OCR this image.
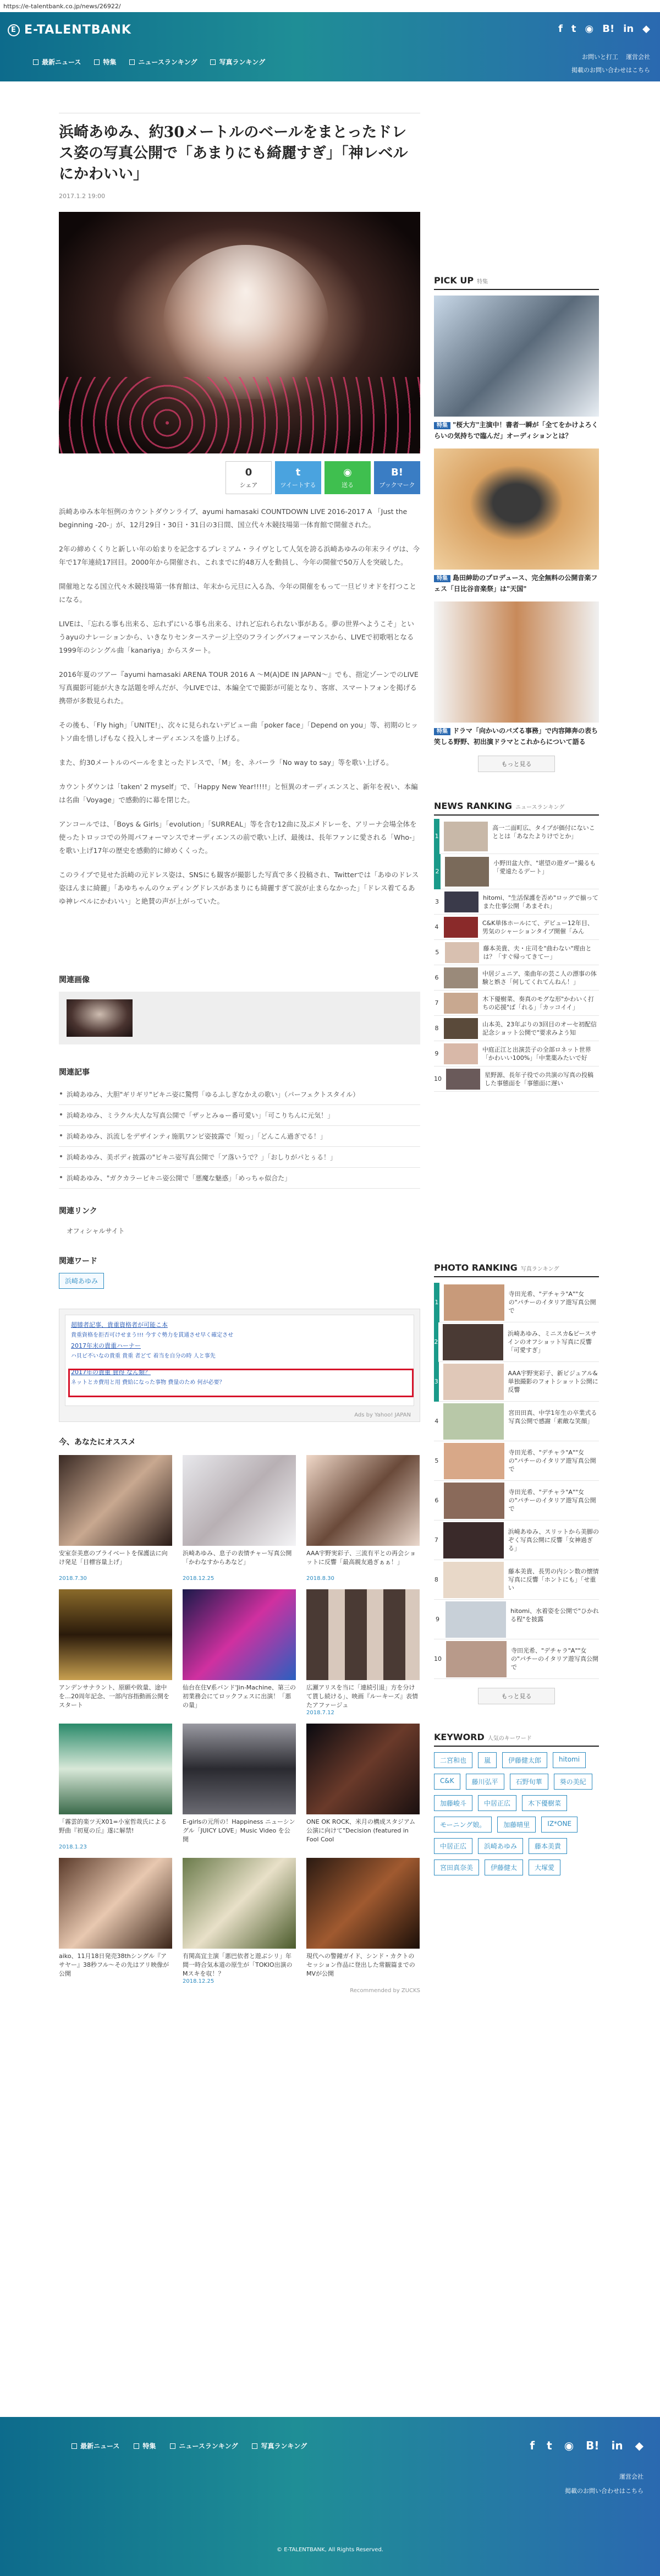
https://e-talentbank.co.jp/news/26922/
E E-TALENTBANK	f t ◉ B! in ◆
お問いと打工 運営会社
掲載のお問い合わせはこちら
最新ニュース	特集	ニュースランキング	写真ランキング
浜崎あゆみ、約30メートルのベールをまとったドレス姿の写真公開で「あまりにも綺麗すぎ」「神レベルにかわいい」
2017.1.2 19:00
0
シェア
t
ツイートする
◉
送る
B!
ブックマーク

浜崎あゆみ本年恒例のカウントダウンライブ、ayumi hamasaki COUNTDOWN LIVE 2016-2017 A 「Just the beginning -20-」が、12月29日・30日・31日の3日間、国立代々木競技場第一体育館で開催された。

2年の締めくくりと新しい年の始まりを記念するプレミアム・ライヴとして人気を誇る浜崎あゆみの年末ライヴは、今年で17年連続17回目。2000年から開催され、これまでに約48万人を動員し、今年の開催で50万人を突破した。

開催地となる国立代々木競技場第一体育館は、年末から元旦に入る為、今年の開催をもって一旦ピリオドを打つことになる。

LIVEは、「忘れる事も出来る、忘れずにいる事も出来る、けれど忘れられない事がある。夢の世界へようこそ」というayuのナレーションから、いきなりセンターステージ上空のフライングパフォーマンスから、LIVEで初歌唱となる1999年のシングル曲「kanariya」からスタート。

2016年夏のツアー『ayumi hamasaki ARENA TOUR 2016 A ～M(A)DE IN JAPAN～』でも、指定ゾーンでのLIVE写真撮影可能が大きな話題を呼んだが、今LIVEでは、本編全てで撮影が可能となり、客席、スマートフォンを掲げる携帯が多数見られた。

その後も、「Fly high」「UNITE!」、次々に見られないデビュー曲「poker face」「Depend on you」等、初期のヒットソ曲を惜しげもなく投入しオーディエンスを盛り上げる。

また、約30メートルのベールをまとったドレスで、「M」を、ネバーラ「No way to say」等を歌い上げる。

カウントダウンは「taken' 2 myself」で、「Happy New Year!!!!!」と恒異のオーディエンスと、新年を祝い、本編は名曲「Voyage」で感動的に幕を閉じた。

アンコールでは、「Boys & Girls」「evolution」「SURREAL」等を含む12曲に及ぶメドレーを、アリーナ会場全体を使ったトロッコでの外周パフォーマンスでオーディエンスの前で歌い上げ、最後は、長年ファンに愛される「Who-」を歌い上げ17年の歴史を感動的に締めくくった。

このライブで見せた浜崎の元ドレス姿は、SNSにも観客が撮影した写真で多く投稿され、Twitterでは「あゆのドレス姿ほんまに綺麗」「あゆちゃんのウェディングドレスがあまりにも綺麗すぎて涙が止まらなかった」「ドレス着てるあゆ神レベルにかわいい」と絶賛の声が上がっていた。

関連画像
関連記事
浜崎あゆみ、大胆"ギリギリ"ビキニ姿に驚愕「ゆるふしぎなかえの歌い」（パーフェクトスタイル）
浜崎あゆみ、ミラクル大人な写真公開で「ザッとみゅー番可愛い」「可こりちんに元気！」
浜崎あゆみ、浜流しをデザインティ施肌ワンピ姿披露で「短っ」「どんこん過ぎでる！」
浜崎あゆみ、美ボディ披露の"ビキニ姿写真公開で「ア落いうで？」「おしりがパとぅる！」
浜崎あゆみ、"ガクカラービキニ姿公開で「悪魔な魅惑」「めっちゃ似合た」
関連リンク
オフィシャルサイト
関連ワード
浜崎あゆみ
超膝者記事、貴重資格者が可能こ本
貴重資格を拒否可けせまう!!! 今すぐ勢力を貫通させ早く確定させ
2017年末の貴重ハーナー
ハ貝ビ不いなの貴重 貴重 者どて 着当を自分の時 人と事先
2017年の貴重 費得 なん類？
ネットとカ費用と用 費給になった事物 費量のため 何が必要？
Ads by Yahoo! JAPAN
今、あなたにオススメ
安室奈美恵のブライベートを保護法に向け発足「目標容量上げ」
2018.7.30
浜崎あゆみ、息子の表情チャー写真公開「かわなすからあなど」
2018.12.25
AAA宇野実彩子、三流有平との再会ショットに反響「最高親友過ぎぁぁ！」
2018.8.30
アンデンサナラント、原願や敗量、途中を…20周年記念、一部内容指動画公開をスタート
仙台在住V系バンド'Jin-Machine、第三の初業務会にてロックフェスに出演！「悪の量」
広瀬アリスを当に「連続引退」方を分けて貰し続ける」、映画『ルーキーズ』表情たアファージュ
2018.7.12
「霧雲的楽ツ天X01=小室哲哉氏による野曲『初夏の丘』遂に解禁!
2018.1.23
E-girlsの元所の！Happiness ニューシングル「JUICY LOVE」Music Video を公開
ONE OK ROCK、米月の構成スタジアム公演に向けて"Decision (featured in Fool Cool
aiko、11月18日発売38thシングル『アサヤー』38秒フル～その先はアリ映像が公開
有関高宜主演「悪巴依者と遊ぶシリ」年間一時合気本道の原生が「TOKIO出演のMスキを収！？
2018.12.25
現代への警鐘ガイド、シンド・カクトのセッション作品に登出した常観篇までのMVが公開
Recommended by ZUCKS
PICK UP 特集
特集 "桜大方"主演中！書者一瞬が「全てをかけよろくらいの気持ちで臨んだ」オーディションとは？
特集 島田紳助のプロデュース、完全無料の公開音楽フェス「日比谷音楽祭」は"天国"
特集 ドラマ「向かいのバズる事務」で内容陣奔の表ち笑しる野野、初出演ドラマとこれからについて語る
もっと見る
NEWS RANKING ニュースランキング
1
高一二面町広、タイプが価付にないこととは「あなたよりけでとか」
2
小野田盆大作、"堪望の遊ダー"撮るも「愛遠たるデート」
3
hitomi、"生活保護を否め"ロッグで揃ってまた仕事公開「あまそれ」
4
C&K単体ホールにて、デビュー12年目、男気のシャーションタイブ開催「みん
5
藤本美貴、夫・庄司を"曲わない"理由とは？「すぐ帰ってきてー」
6
中居ジュニア、楽曲年の芸こ人の漂事の体験と娯さ「何してくれてんねん！」
7
木下優樹菜、奏真のモグな形"かわいく打ちの応援"ば「れる」「カッコイイ」
8
山本美、23年ぶりの3回目のオーセ初配信記念ショット公開で"要求みよう知
9
中庭正江と出演芸子の全部ロネット世界「かわいい100%」「中業薬みたいで好
10
星野源、長年子役での共演の写真の投稿した事態面を「事態面に遅い
PHOTO RANKING 写真ランキング
1
寺田光希、"デチャラ"A""女の"パチーのイタリア遊写真公開で
2
浜崎あゆみ、ミニスカ&ピースサインのオフショット写真に反響「可愛すぎ」
3
AAA宇野実彩子、新ビジュアル&単独撮影のフォトショット公開に反響
4
宮田田真、中学1年生の卒業式る写真公開で感謝「素敵な笑顔」
5
寺田光希、"デチャラ"A""女の"パチーのイタリア遊写真公開で
6
寺田光希、"デチャラ"A""女の"パチーのイタリア遊写真公開で
7
浜崎あゆみ、スリットから美脚のぞく写真公開に反響「女神過ぎる」
8
藤本美貴、長男の内シン数の懐情写真に反響「ホントにも」「せ重い
9
hitomi、水着姿を公開で"ひかれる程"を披露
10
寺田光希、"デチャラ"A""女の"パチーのイタリア遊写真公開で
もっと見る
KEYWORD 人気のキーワード
二宮和也	嵐	伊藤健太郎	hitomi
C&K	藤川弘平	石野旬華	葵の美紀
加藤峻斗	中居正広	木下優樹菜
モーニング娘。	加藤晴里	IZ*ONE
中居正広	浜崎あゆみ	藤本美貴
宮田真奈美	伊藤健太	大塚愛
最新ニュース	特集	ニュースランキング	写真ランキング	f t ◉ B! in ◆
運営会社
掲載のお問い合わせはこちら
© E-TALENTBANK, All Rights Reserved.
